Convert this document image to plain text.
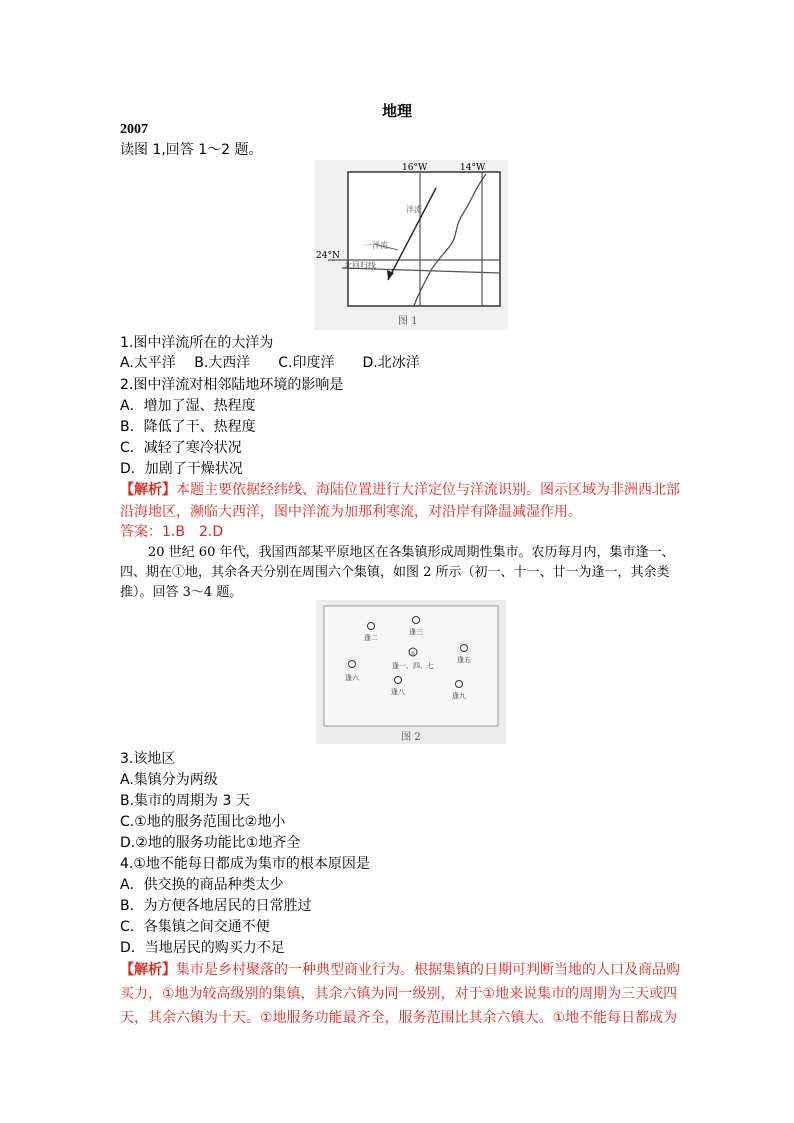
地理
2007
读图 1,回答 1～2 题。
16°W	14°W
24°N
洋流
一洋流
北回归线
图 1
1.图中洋流所在的大洋为
A.太平洋　 B.大西洋　　C.印度洋　　D.北冰洋
2.图中洋流对相邻陆地环境的影响是
A．增加了湿、热程度
B．降低了干、热程度
C．减轻了寒冷状况
D．加剧了干燥状况
【解析】本题主要依据经纬线、海陆位置进行大洋定位与洋流识别。图示区域为非洲西北部
沿海地区，濒临大西洋，图中洋流为加那利寒流，对沿岸有降温减湿作用。
答案：1.B　2.D
20 世纪 60 年代，我国西部某平原地区在各集镇形成周期性集市。农历每月内，集市逢一、四、期在①地，其余各天分别在周围六个集镇，如图 2 所示（初一、十一、廿一为逢一，其余类推）。回答 3～4 题。
①
逢一、四、七
逢二
逢三
逢五
逢六
逢八	逢九
图 2
3.该地区
A.集镇分为两级
B.集市的周期为 3 天
C.①地的服务范围比②地小
D.②地的服务功能比①地齐全
4.①地不能每日都成为集市的根本原因是
A．供交换的商品种类太少
B．为方便各地居民的日常胜过
C．各集镇之间交通不便
D．当地居民的购买力不足
【解析】集市是乡村聚落的一种典型商业行为。根据集镇的日期可判断当地的人口及商品购
买力，①地为较高级别的集镇，其余六镇为同一级别，对于①地来说集市的周期为三天或四
天，其余六镇为十天。①地服务功能最齐全，服务范围比其余六镇大。①地不能每日都成为
